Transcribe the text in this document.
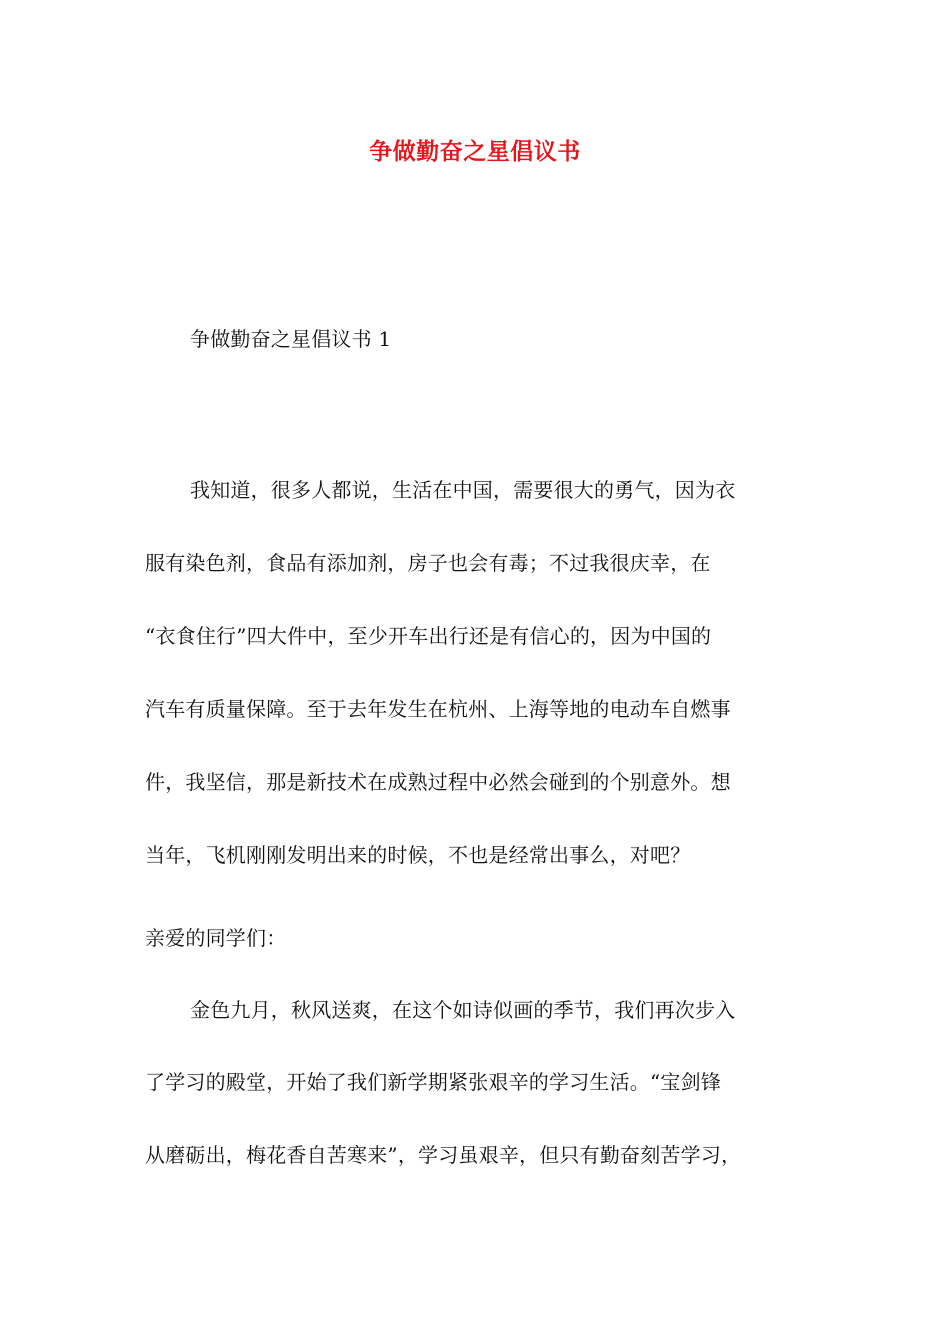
争做勤奋之星倡议书
争做勤奋之星倡议书 1
我知道，很多人都说，生活在中国，需要很大的勇气，因为衣
服有染色剂，食品有添加剂，房子也会有毒；不过我很庆幸，在
“衣食住行”四大件中，至少开车出行还是有信心的，因为中国的
汽车有质量保障。至于去年发生在杭州、上海等地的电动车自燃事
件，我坚信，那是新技术在成熟过程中必然会碰到的个别意外。想
当年，飞机刚刚发明出来的时候，不也是经常出事么，对吧？
亲爱的同学们：
金色九月，秋风送爽，在这个如诗似画的季节，我们再次步入
了学习的殿堂，开始了我们新学期紧张艰辛的学习生活。“宝剑锋
从磨砺出，梅花香自苦寒来”，学习虽艰辛，但只有勤奋刻苦学习，
